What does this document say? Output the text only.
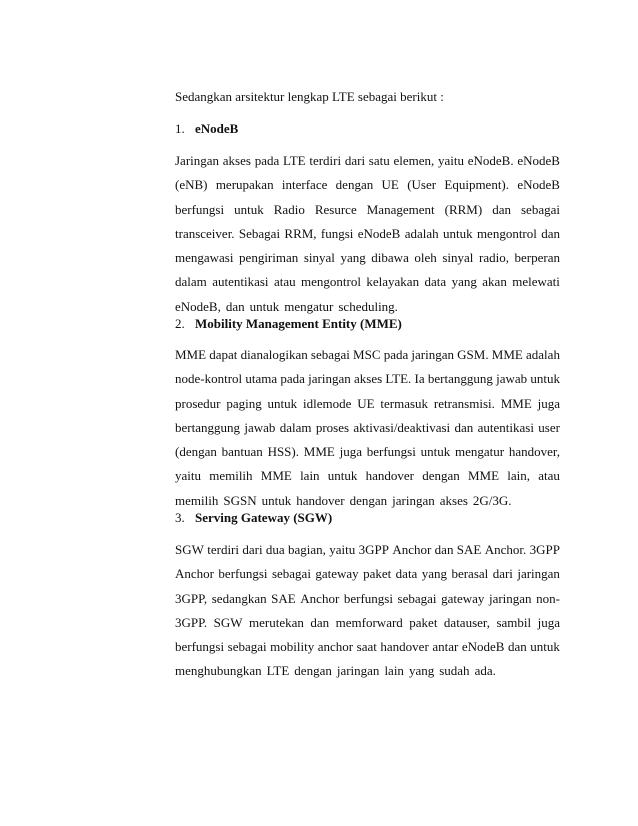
Sedangkan arsitektur lengkap LTE sebagai berikut :

1. eNodeB

Jaringan akses pada LTE terdiri dari satu elemen, yaitu eNodeB. eNodeB
(eNB) merupakan interface dengan UE (User Equipment). eNodeB
berfungsi untuk Radio Resurce Management (RRM) dan sebagai
transceiver. Sebagai RRM, fungsi eNodeB adalah untuk mengontrol dan
mengawasi pengiriman sinyal yang dibawa oleh sinyal radio, berperan
dalam autentikasi atau mengontrol kelayakan data yang akan melewati
eNodeB, dan untuk mengatur scheduling.

2. Mobility Management Entity (MME)

MME dapat dianalogikan sebagai MSC pada jaringan GSM. MME adalah
node-kontrol utama pada jaringan akses LTE. Ia bertanggung jawab untuk
prosedur paging untuk idlemode UE termasuk retransmisi. MME juga
bertanggung jawab dalam proses aktivasi/deaktivasi dan autentikasi user
(dengan bantuan HSS). MME juga berfungsi untuk mengatur handover,
yaitu memilih MME lain untuk handover dengan MME lain, atau
memilih SGSN untuk handover dengan jaringan akses 2G/3G.

3. Serving Gateway (SGW)

SGW terdiri dari dua bagian, yaitu 3GPP Anchor dan SAE Anchor. 3GPP
Anchor berfungsi sebagai gateway paket data yang berasal dari jaringan
3GPP, sedangkan SAE Anchor berfungsi sebagai gateway jaringan non-
3GPP. SGW merutekan dan memforward paket datauser, sambil juga
berfungsi sebagai mobility anchor saat handover antar eNodeB dan untuk
menghubungkan LTE dengan jaringan lain yang sudah ada.
